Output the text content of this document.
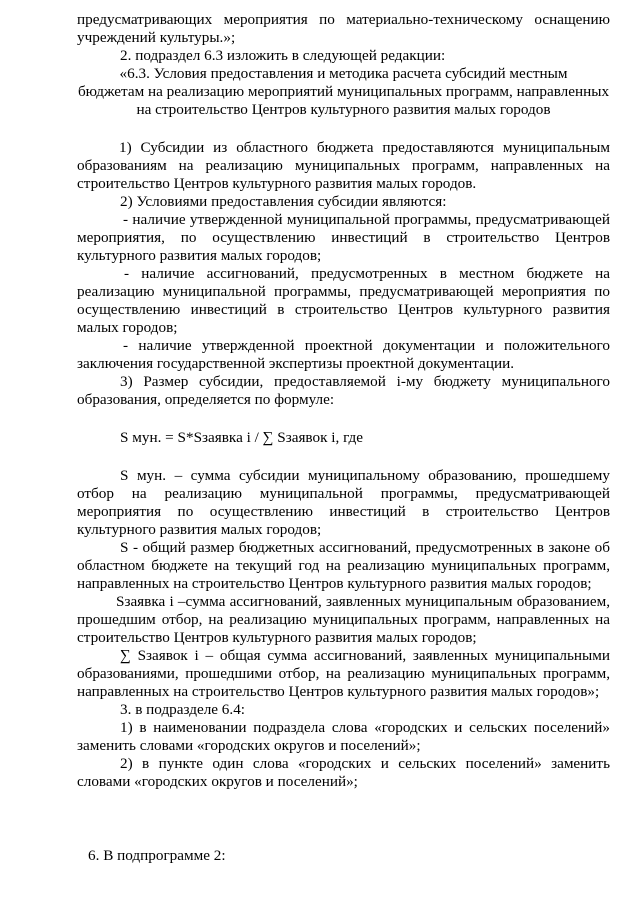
предусматривающих мероприятия по материально-техническому оснащению
учреждений культуры.»;
2. подраздел 6.3 изложить в следующей редакции:
«6.3. Условия предоставления и методика расчета субсидий местным
бюджетам на реализацию мероприятий муниципальных программ, направленных
на строительство Центров культурного развития малых городов
1) Субсидии из областного бюджета предоставляются муниципальным
образованиям на реализацию муниципальных программ, направленных на
строительство Центров культурного развития малых городов.
2) Условиями предоставления субсидии являются:
- наличие утвержденной муниципальной программы, предусматривающей
мероприятия, по осуществлению инвестиций в строительство Центров
культурного развития малых городов;
- наличие ассигнований, предусмотренных в местном бюджете на
реализацию муниципальной программы, предусматривающей мероприятия по
осуществлению инвестиций в строительство Центров культурного развития
малых городов;
- наличие утвержденной проектной документации и положительного
заключения государственной экспертизы проектной документации.
3) Размер субсидии, предоставляемой i-му бюджету муниципального
образования, определяется по формуле:
S мун. = S*Sзаявка i / ∑ Sзаявок i, где
S мун. – сумма субсидии муниципальному образованию, прошедшему
отбор на реализацию муниципальной программы, предусматривающей
мероприятия по осуществлению инвестиций в строительство Центров
культурного развития малых городов;
S - общий размер бюджетных ассигнований, предусмотренных в законе об
областном бюджете на текущий год на реализацию муниципальных программ,
направленных на строительство Центров культурного развития малых городов;
Sзаявка i –сумма ассигнований, заявленных муниципальным образованием,
прошедшим отбор, на реализацию муниципальных программ, направленных на
строительство Центров культурного развития малых городов;
∑ Sзаявок i – общая сумма ассигнований, заявленных муниципальными
образованиями, прошедшими отбор, на реализацию муниципальных программ,
направленных на строительство Центров культурного развития малых городов»;
3. в подразделе 6.4:
1) в наименовании подраздела слова «городских и сельских поселений»
заменить словами «городских округов и поселений»;
2) в пункте один слова «городских и сельских поселений» заменить
словами «городских округов и поселений»;
6. В подпрограмме 2:
